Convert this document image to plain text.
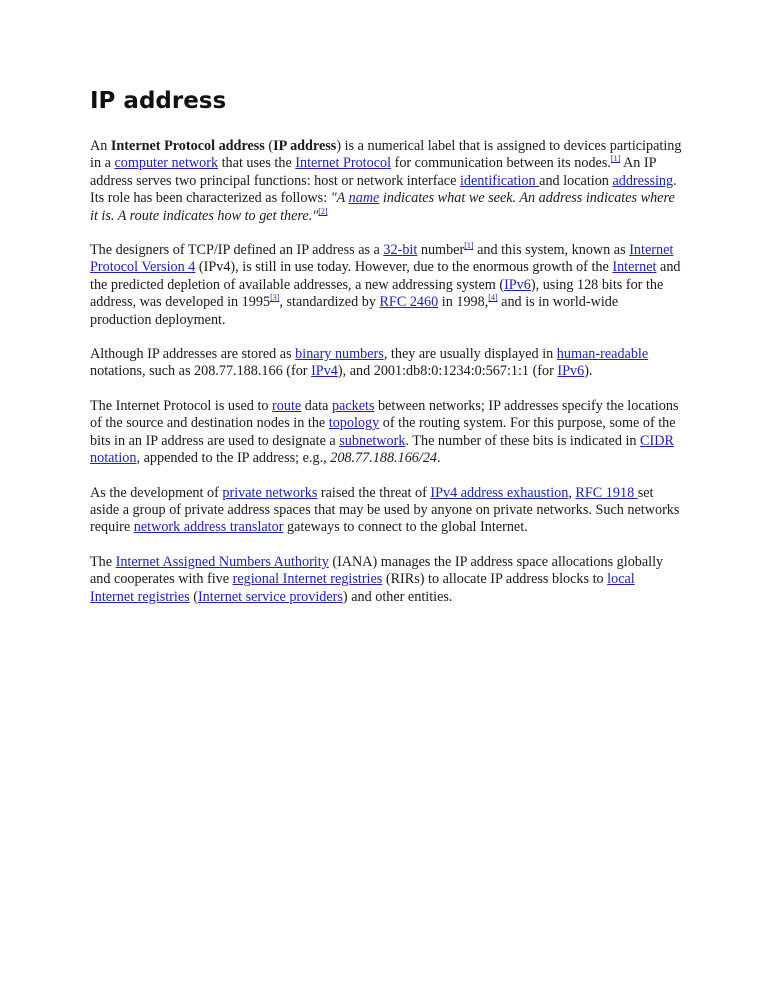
IP address

An Internet Protocol address (IP address) is a numerical label that is assigned to devices participating in a computer network that uses the Internet Protocol for communication between its nodes.[1] An IP address serves two principal functions: host or network interface identification and location addressing. Its role has been characterized as follows: "A name indicates what we seek. An address indicates where it is. A route indicates how to get there."[2]

The designers of TCP/IP defined an IP address as a 32-bit number[1] and this system, known as Internet Protocol Version 4 (IPv4), is still in use today. However, due to the enormous growth of the Internet and the predicted depletion of available addresses, a new addressing system (IPv6), using 128 bits for the address, was developed in 1995[3], standardized by RFC 2460 in 1998,[4] and is in world-wide production deployment.

Although IP addresses are stored as binary numbers, they are usually displayed in human-readable notations, such as 208.77.188.166 (for IPv4), and 2001:db8:0:1234:0:567:1:1 (for IPv6).

The Internet Protocol is used to route data packets between networks; IP addresses specify the locations of the source and destination nodes in the topology of the routing system. For this purpose, some of the bits in an IP address are used to designate a subnetwork. The number of these bits is indicated in CIDR notation, appended to the IP address; e.g., 208.77.188.166/24.

As the development of private networks raised the threat of IPv4 address exhaustion, RFC 1918 set aside a group of private address spaces that may be used by anyone on private networks. Such networks require network address translator gateways to connect to the global Internet.

The Internet Assigned Numbers Authority (IANA) manages the IP address space allocations globally and cooperates with five regional Internet registries (RIRs) to allocate IP address blocks to local Internet registries (Internet service providers) and other entities.
